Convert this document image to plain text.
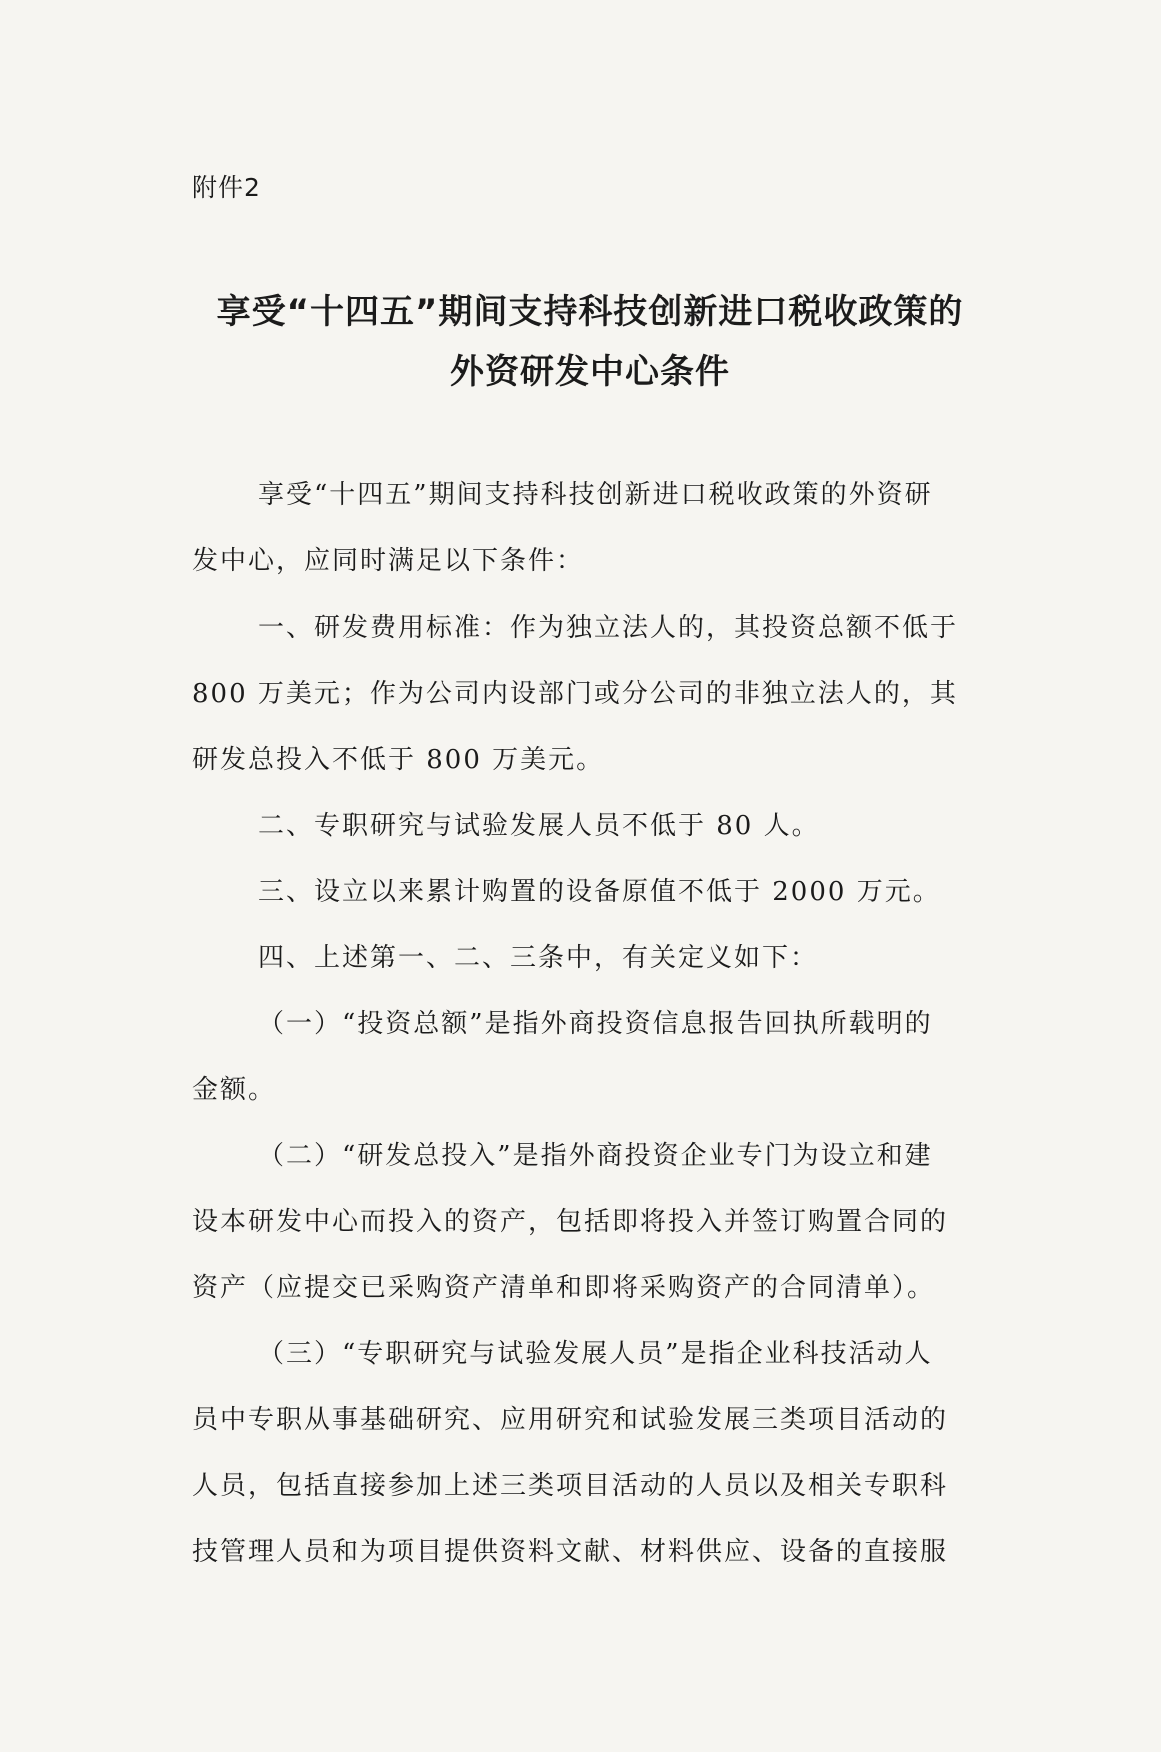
附件2
享受“十四五”期间支持科技创新进口税收政策的
外资研发中心条件
享受“十四五”期间支持科技创新进口税收政策的外资研
发中心，应同时满足以下条件：
一、研发费用标准：作为独立法人的，其投资总额不低于
800 万美元；作为公司内设部门或分公司的非独立法人的，其
研发总投入不低于 800 万美元。
二、专职研究与试验发展人员不低于 80 人。
三、设立以来累计购置的设备原值不低于 2000 万元。
四、上述第一、二、三条中，有关定义如下：
（一）“投资总额”是指外商投资信息报告回执所载明的
金额。
（二）“研发总投入”是指外商投资企业专门为设立和建
设本研发中心而投入的资产，包括即将投入并签订购置合同的
资产（应提交已采购资产清单和即将采购资产的合同清单）。
（三）“专职研究与试验发展人员”是指企业科技活动人
员中专职从事基础研究、应用研究和试验发展三类项目活动的
人员，包括直接参加上述三类项目活动的人员以及相关专职科
技管理人员和为项目提供资料文献、材料供应、设备的直接服
